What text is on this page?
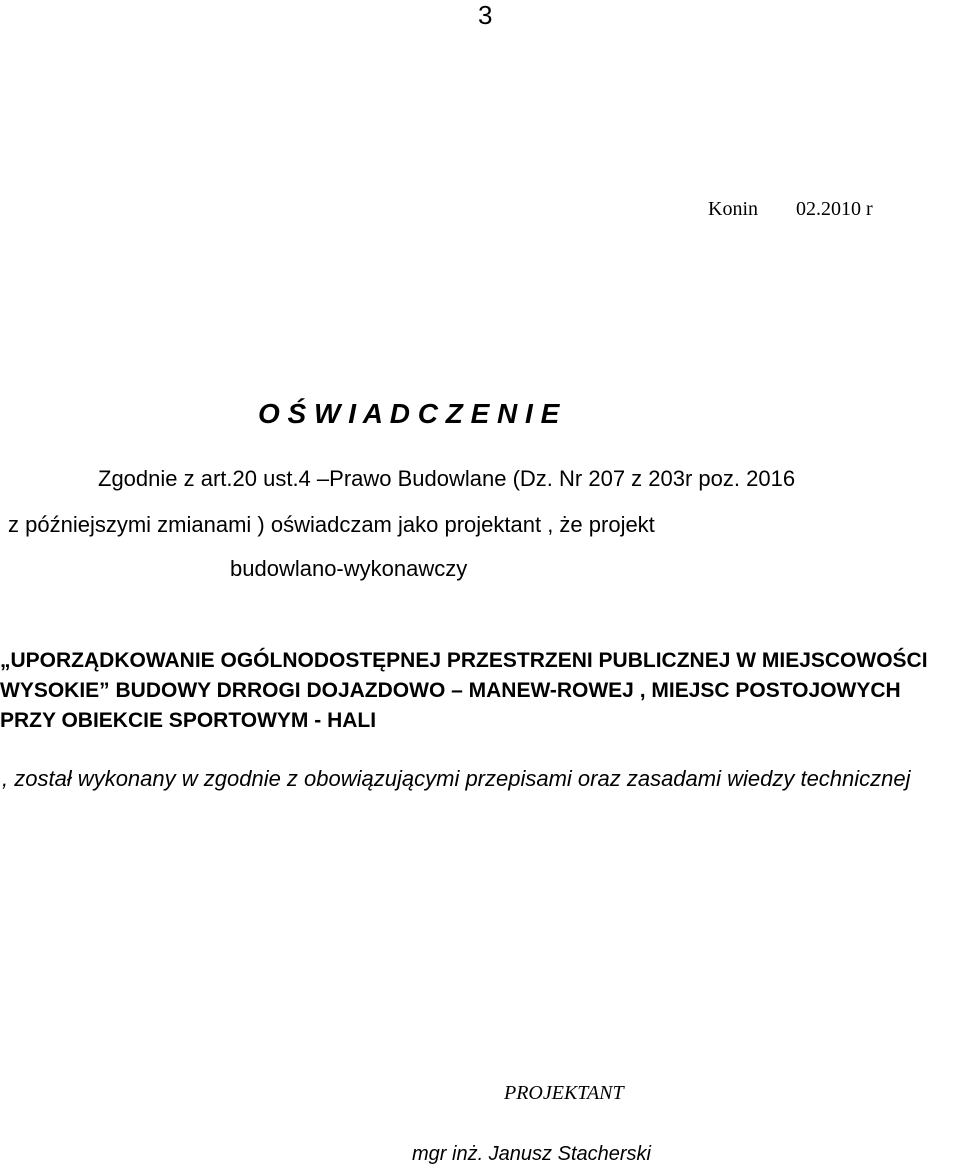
3
Konin 02.2010 r
O Ś W I A D C Z E N I E
Zgodnie z art.20 ust.4 –Prawo Budowlane (Dz. Nr 207 z 203r poz. 2016
z późniejszymi zmianami ) oświadczam jako projektant , że projekt
budowlano-wykonawczy
„UPORZĄDKOWANIE OGÓLNODOSTĘPNEJ PRZESTRZENI PUBLICZNEJ W MIEJSCOWOŚCI WYSOKIE” BUDOWY DRROGI DOJAZDOWO – MANEW-ROWEJ , MIEJSC POSTOJOWYCH PRZY OBIEKCIE SPORTOWYM - HALI
, został wykonany w zgodnie z obowiązującymi przepisami oraz zasadami wiedzy technicznej
PROJEKTANT
mgr inż. Janusz Stacherski
